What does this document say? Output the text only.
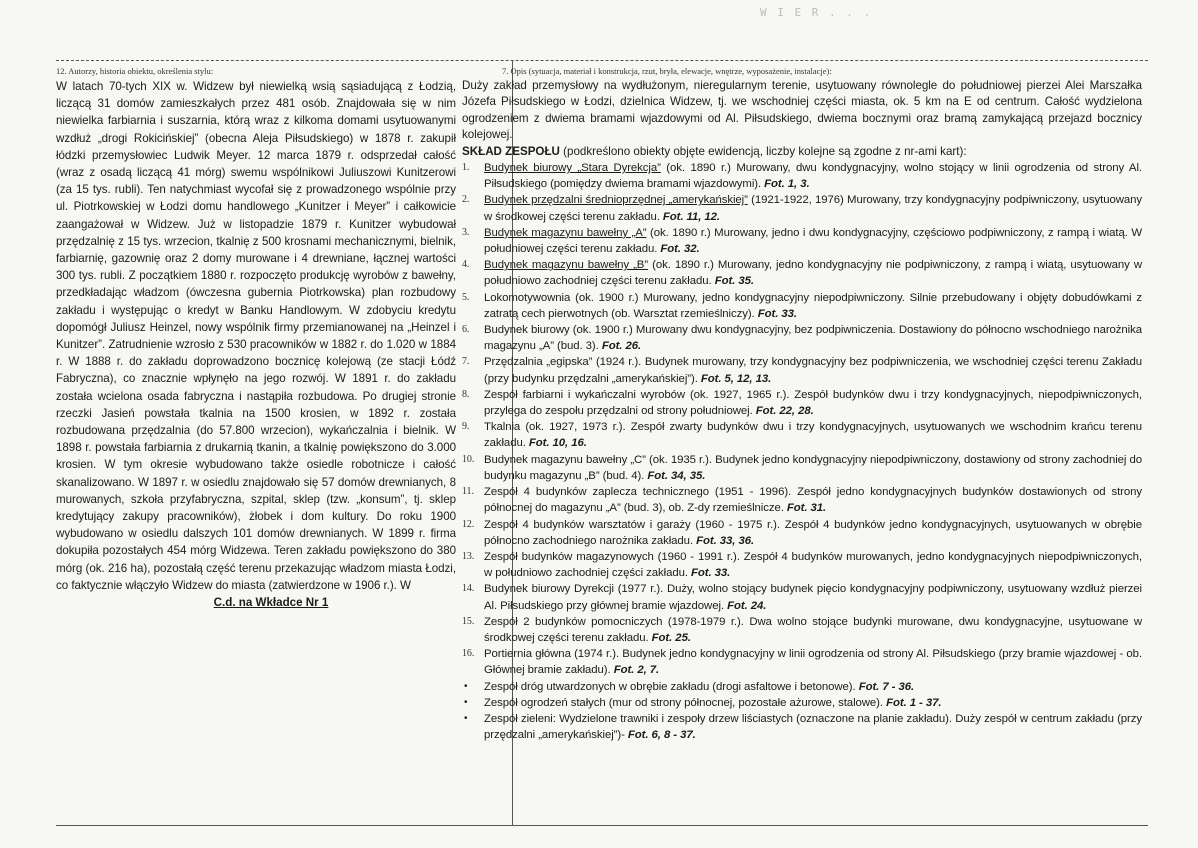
W I E R . . .
12. Autorzy, historia obiektu, określenia stylu:
W latach 70-tych XIX w. Widzew był niewielką wsią sąsiadującą z Łodzią, liczącą 31 domów zamieszkałych przez 481 osób. Znajdowała się w nim niewielka farbiarnia i suszarnia, którą wraz z kilkoma domami usytuowanymi wzdłuż „drogi Rokicińskiej” (obecna Aleja Piłsudskiego) w 1878 r. zakupił łódzki przemysłowiec Ludwik Meyer. 12 marca 1879 r. odsprzedał całość (wraz z osadą liczącą 41 mórg) swemu wspólnikowi Juliuszowi Kunitzerowi (za 15 tys. rubli). Ten natychmiast wycofał się z prowadzonego wspólnie przy ul. Piotrkowskiej w Łodzi domu handlowego „Kunitzer i Meyer” i całkowicie zaangażował w Widzew. Już w listopadzie 1879 r. Kunitzer wybudował przędzalnię z 15 tys. wrzecion, tkalnię z 500 krosnami mechanicznymi, bielnik, farbiarnię, gazownię oraz 2 domy murowane i 4 drewniane, łącznej wartości 300 tys. rubli. Z początkiem 1880 r. rozpoczęto produkcję wyrobów z bawełny, przedkładając władzom (ówczesna gubernia Piotrkowska) plan rozbudowy zakładu i występując o kredyt w Banku Handlowym. W zdobyciu kredytu dopomógł Juliusz Heinzel, nowy wspólnik firmy przemianowanej na „Heinzel i Kunitzer”. Zatrudnienie wzrosło z 530 pracowników w 1882 r. do 1.020 w 1884 r. W 1888 r. do zakładu doprowadzono bocznicę kolejową (ze stacji Łódź Fabryczna), co znacznie wpłynęło na jego rozwój. W 1891 r. do zakładu została wcielona osada fabryczna i nastąpiła rozbudowa. Po drugiej stronie rzeczki Jasień powstała tkalnia na 1500 krosien, w 1892 r. została rozbudowana przędzalnia (do 57.800 wrzecion), wykańczalnia i bielnik. W 1898 r. powstała farbiarnia z drukarnią tkanin, a tkalnię powiększono do 3.000 krosien. W tym okresie wybudowano także osiedle robotnicze i całość skanalizowano. W 1897 r. w osiedlu znajdowało się 57 domów drewnianych, 8 murowanych, szkoła przyfabryczna, szpital, sklep (tzw. „konsum”, tj. sklep kredytujący zakupy pracowników), żłobek i dom kultury. Do roku 1900 wybudowano w osiedlu dalszych 101 domów drewnianych. W 1899 r. firma dokupiła pozostałych 454 mórg Widzewa. Teren zakładu powiększono do 380 mórg (ok. 216 ha), pozostałą część terenu przekazując władzom miasta Łodzi, co faktycznie włączyło Widzew do miasta (zatwierdzone w 1906 r.). W
C.d. na Wkładce Nr 1
7. Opis (sytuacja, materiał i konstrukcja, rzut, bryła, elewacje, wnętrze, wyposażenie, instalacje):
Duży zakład przemysłowy na wydłużonym, nieregularnym terenie, usytuowany równolegle do południowej pierzei Alei Marszałka Józefa Piłsudskiego w Łodzi, dzielnica Widzew, tj. we wschodniej części miasta, ok. 5 km na E od centrum. Całość wydzielona ogrodzeniem z dwiema bramami wjazdowymi od Al. Piłsudskiego, dwiema bocznymi oraz bramą zamykającą przejazd bocznicy kolejowej.
SKŁAD ZESPOŁU (podkreślono obiekty objęte ewidencją, liczby kolejne są zgodne z nr-ami kart):
1.	Budynek biurowy „Stara Dyrekcja” (ok. 1890 r.) Murowany, dwu kondygnacyjny, wolno stojący w linii ogrodzenia od strony Al. Piłsudskiego (pomiędzy dwiema bramami wjazdowymi). Fot. 1, 3.
2.	Budynek przędzalni średnioprzędnej „amerykańskiej” (1921-1922, 1976) Murowany, trzy kondygnacyjny podpiwniczony, usytuowany w środkowej części terenu zakładu. Fot. 11, 12.
3.	Budynek magazynu bawełny „A” (ok. 1890 r.) Murowany, jedno i dwu kondygnacyjny, częściowo podpiwniczony, z rampą i wiatą. W południowej części terenu zakładu. Fot. 32.
4.	Budynek magazynu bawełny „B” (ok. 1890 r.) Murowany, jedno kondygnacyjny nie podpiwniczony, z rampą i wiatą, usytuowany w południowo zachodniej części terenu zakładu. Fot. 35.
5.	Lokomotywownia (ok. 1900 r.) Murowany, jedno kondygnacyjny niepodpiwniczony. Silnie przebudowany i objęty dobudówkami z zatratą cech pierwotnych (ob. Warsztat rzemieślniczy). Fot. 33.
6.	Budynek biurowy (ok. 1900 r.) Murowany dwu kondygnacyjny, bez podpiwniczenia. Dostawiony do północno wschodniego narożnika magazynu „A” (bud. 3). Fot. 26.
7.	Przędzalnia „egipska” (1924 r.). Budynek murowany, trzy kondygnacyjny bez podpiwniczenia, we wschodniej części terenu Zakładu (przy budynku przędzalni „amerykańskiej”). Fot. 5, 12, 13.
8.	Zespół farbiarni i wykańczalni wyrobów (ok. 1927, 1965 r.). Zespół budynków dwu i trzy kondygnacyjnych, niepodpiwniczonych, przylega do zespołu przędzalni od strony południowej. Fot. 22, 28.
9.	Tkalnia (ok. 1927, 1973 r.). Zespół zwarty budynków dwu i trzy kondygnacyjnych, usytuowanych we wschodnim krańcu terenu zakładu. Fot. 10, 16.
10. Budynek magazynu bawełny „C” (ok. 1935 r.). Budynek jedno kondygnacyjny niepodpiwniczony, dostawiony od strony zachodniej do budynku magazynu „B” (bud. 4). Fot. 34, 35.
11. Zespół 4 budynków zaplecza technicznego (1951 - 1996). Zespół jedno kondygnacyjnych budynków dostawionych od strony północnej do magazynu „A” (bud. 3), ob. Z-dy rzemieślnicze. Fot. 31.
12. Zespół 4 budynków warsztatów i garaży (1960 - 1975 r.). Zespół 4 budynków jedno kondygnacyjnych, usytuowanych w obrębie północno zachodniego narożnika zakładu. Fot. 33, 36.
13. Zespół budynków magazynowych (1960 - 1991 r.). Zespół 4 budynków murowanych, jedno kondygnacyjnych niepodpiwniczonych, w południowo zachodniej części zakładu. Fot. 33.
14. Budynek biurowy Dyrekcji (1977 r.). Duży, wolno stojący budynek pięcio kondygnacyjny podpiwniczony, usytuowany wzdłuż pierzei Al. Piłsudskiego przy głównej bramie wjazdowej. Fot. 24.
15. Zespół 2 budynków pomocniczych (1978-1979 r.). Dwa wolno stojące budynki murowane, dwu kondygnacyjne, usytuowane w środkowej części terenu zakładu. Fot. 25.
16. Portiernia główna (1974 r.). Budynek jedno kondygnacyjny w linii ogrodzenia od strony Al. Piłsudskiego (przy bramie wjazdowej - ob. Głównej bramie zakładu). Fot. 2, 7.
• Zespół dróg utwardzonych w obrębie zakładu (drogi asfaltowe i betonowe). Fot. 7 - 36.
• Zespół ogrodzeń stałych (mur od strony północnej, pozostałe ażurowe, stalowe). Fot. 1 - 37.
• Zespół zieleni: Wydzielone trawniki i zespoły drzew liściastych (oznaczone na planie zakładu). Duży zespół w centrum zakładu (przy przędzalni „amerykańskiej”)- Fot. 6, 8 - 37.
